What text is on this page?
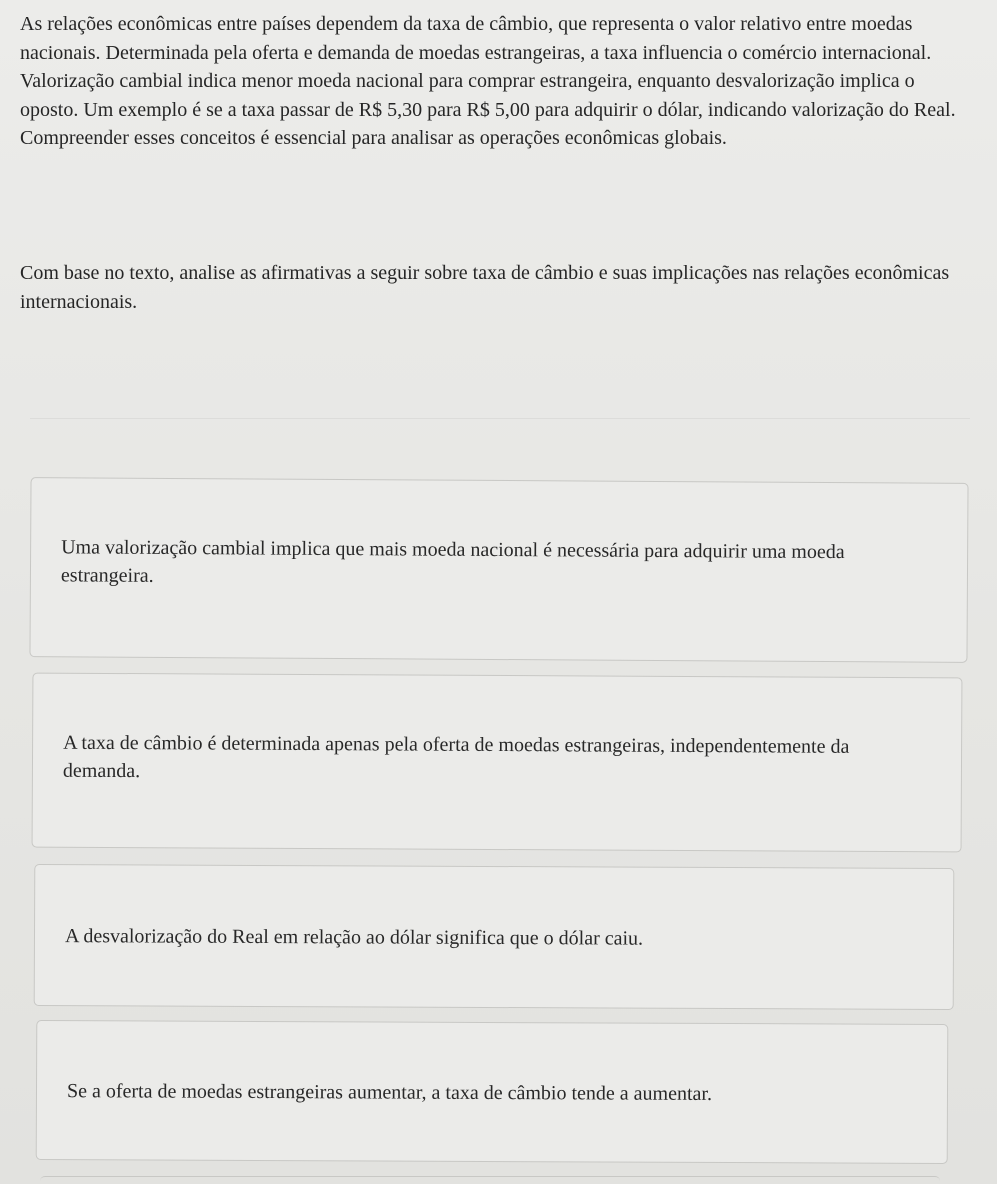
As relações econômicas entre países dependem da taxa de câmbio, que representa o valor relativo entre moedas nacionais. Determinada pela oferta e demanda de moedas estrangeiras, a taxa influencia o comércio internacional. Valorização cambial indica menor moeda nacional para comprar estrangeira, enquanto desvalorização implica o oposto. Um exemplo é se a taxa passar de R$ 5,30 para R$ 5,00 para adquirir o dólar, indicando valorização do Real. Compreender esses conceitos é essencial para analisar as operações econômicas globais.
Com base no texto, analise as afirmativas a seguir sobre taxa de câmbio e suas implicações nas relações econômicas internacionais.
Uma valorização cambial implica que mais moeda nacional é necessária para adquirir uma moeda estrangeira.
A taxa de câmbio é determinada apenas pela oferta de moedas estrangeiras, independentemente da demanda.
A desvalorização do Real em relação ao dólar significa que o dólar caiu.
Se a oferta de moedas estrangeiras aumentar, a taxa de câmbio tende a aumentar.
